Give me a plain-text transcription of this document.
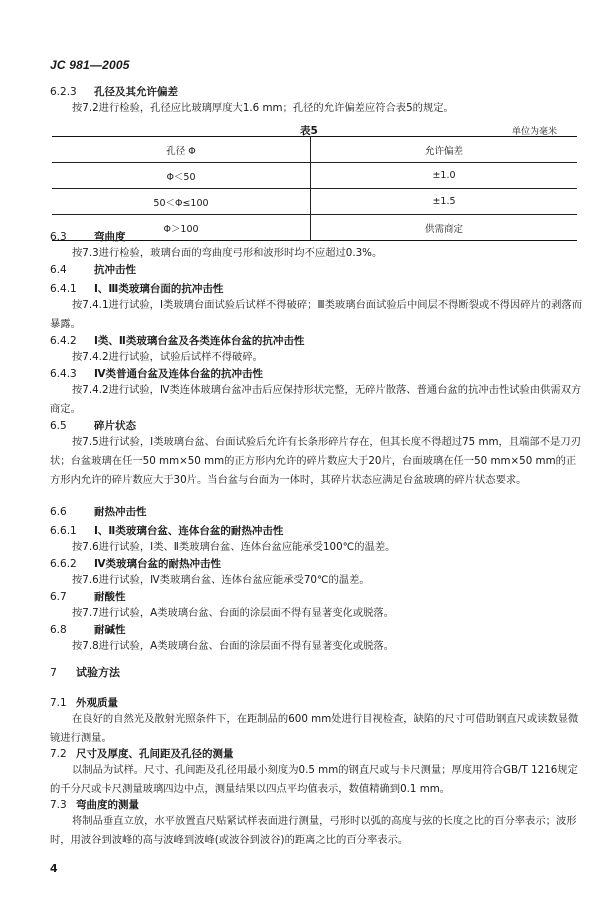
JC 981—2005
6.2.3 孔径及其允许偏差
按7.2进行检验，孔径应比玻璃厚度大1.6 mm；孔径的允许偏差应符合表5的规定。
表5	单位为毫米
孔径 Φ	允许偏差
Φ＜50	±1.0
50＜Φ≤100	±1.5
Φ＞100	供需商定
6.3	弯曲度
按7.3进行检验，玻璃台面的弯曲度弓形和波形时均不应超过0.3%。
6.4	抗冲击性
6.4.1 Ⅰ、Ⅲ类玻璃台面的抗冲击性
按7.4.1进行试验，Ⅰ类玻璃台面试验后试样不得破碎；Ⅲ类玻璃台面试验后中间层不得断裂或不得因碎片的剥落而暴露。
6.4.2 Ⅰ类、Ⅱ类玻璃台盆及各类连体台盆的抗冲击性
按7.4.2进行试验，试验后试样不得破碎。
6.4.3 Ⅳ类普通台盆及连体台盆的抗冲击性
按7.4.2进行试验，Ⅳ类连体玻璃台盆冲击后应保持形状完整，无碎片散落、普通台盆的抗冲击性试验由供需双方商定。
6.5	碎片状态
按7.5进行试验，Ⅰ类玻璃台盆、台面试验后允许有长条形碎片存在，但其长度不得超过75 mm，且端部不是刀刃状；台盆玻璃在任一50 mm×50 mm的正方形内允许的碎片数应大于20片，台面玻璃在任一50 mm×50 mm的正方形内允许的碎片数应大于30片。当台盆与台面为一体时，其碎片状态应满足台盆玻璃的碎片状态要求。
6.6	耐热冲击性
6.6.1 Ⅰ、Ⅱ类玻璃台盆、连体台盆的耐热冲击性
按7.6进行试验，Ⅰ类、Ⅱ类玻璃台盆、连体台盆应能承受100℃的温差。
6.6.2 Ⅳ类玻璃台盆的耐热冲击性
按7.6进行试验，Ⅳ类玻璃台盆、连体台盆应能承受70℃的温差。
6.7	耐酸性
按7.7进行试验，A类玻璃台盆、台面的涂层面不得有显著变化或脱落。
6.8	耐碱性
按7.8进行试验，A类玻璃台盆、台面的涂层面不得有显著变化或脱落。
7 试验方法
7.1 外观质量
在良好的自然光及散射光照条件下，在距制品的600 mm处进行目视检查，缺陷的尺寸可借助钢直尺或读数显微镜进行测量。
7.2 尺寸及厚度、孔间距及孔径的测量
以制品为试样。尺寸、孔间距及孔径用最小刻度为0.5 mm的钢直尺或与卡尺测量；厚度用符合GB/T 1216规定的千分尺或卡尺测量玻璃四边中点，测量结果以四点平均值表示，数值精确到0.1 mm。
7.3 弯曲度的测量
将制品垂直立放，水平放置直尺贴紧试样表面进行测量，弓形时以弧的高度与弦的长度之比的百分率表示；波形时，用波谷到波峰的高与波峰到波峰(或波谷到波谷)的距离之比的百分率表示。
4
